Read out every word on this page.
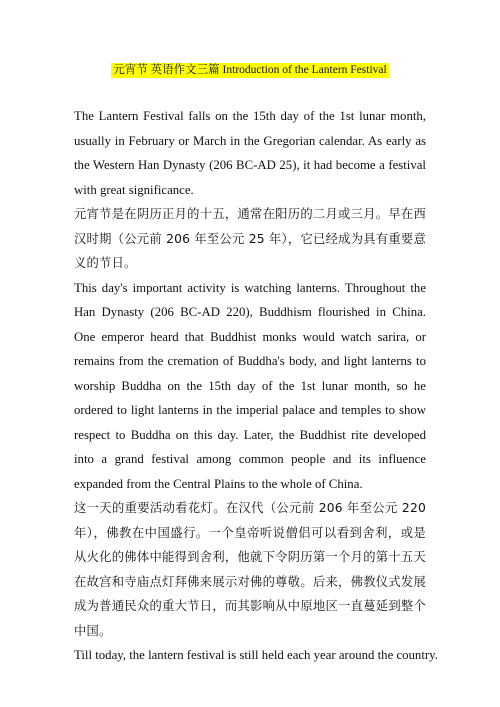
元宵节 英语作文三篇 Introduction of the Lantern Festival

The Lantern Festival falls on the 15th day of the 1st lunar month, usually in February or March in the Gregorian calendar. As early as the Western Han Dynasty (206 BC-AD 25), it had become a festival with great significance.

元宵节是在阴历正月的十五，通常在阳历的二月或三月。早在西汉时期（公元前 206 年至公元 25 年），它已经成为具有重要意义的节日。

This day's important activity is watching lanterns. Throughout the Han Dynasty (206 BC-AD 220), Buddhism flourished in China. One emperor heard that Buddhist monks would watch sarira, or remains from the cremation of Buddha's body, and light lanterns to worship Buddha on the 15th day of the 1st lunar month, so he ordered to light lanterns in the imperial palace and temples to show respect to Buddha on this day. Later, the Buddhist rite developed into a grand festival among common people and its influence expanded from the Central Plains to the whole of China.

这一天的重要活动看花灯。在汉代（公元前 206 年至公元 220 年），佛教在中国盛行。一个皇帝听说僧侣可以看到舍利，或是从火化的佛体中能得到舍利，他就下令阴历第一个月的第十五天在故宫和寺庙点灯拜佛来展示对佛的尊敬。后来，佛教仪式发展成为普通民众的重大节日，而其影响从中原地区一直蔓延到整个中国。

Till today, the lantern festival is still held each year around the country.
